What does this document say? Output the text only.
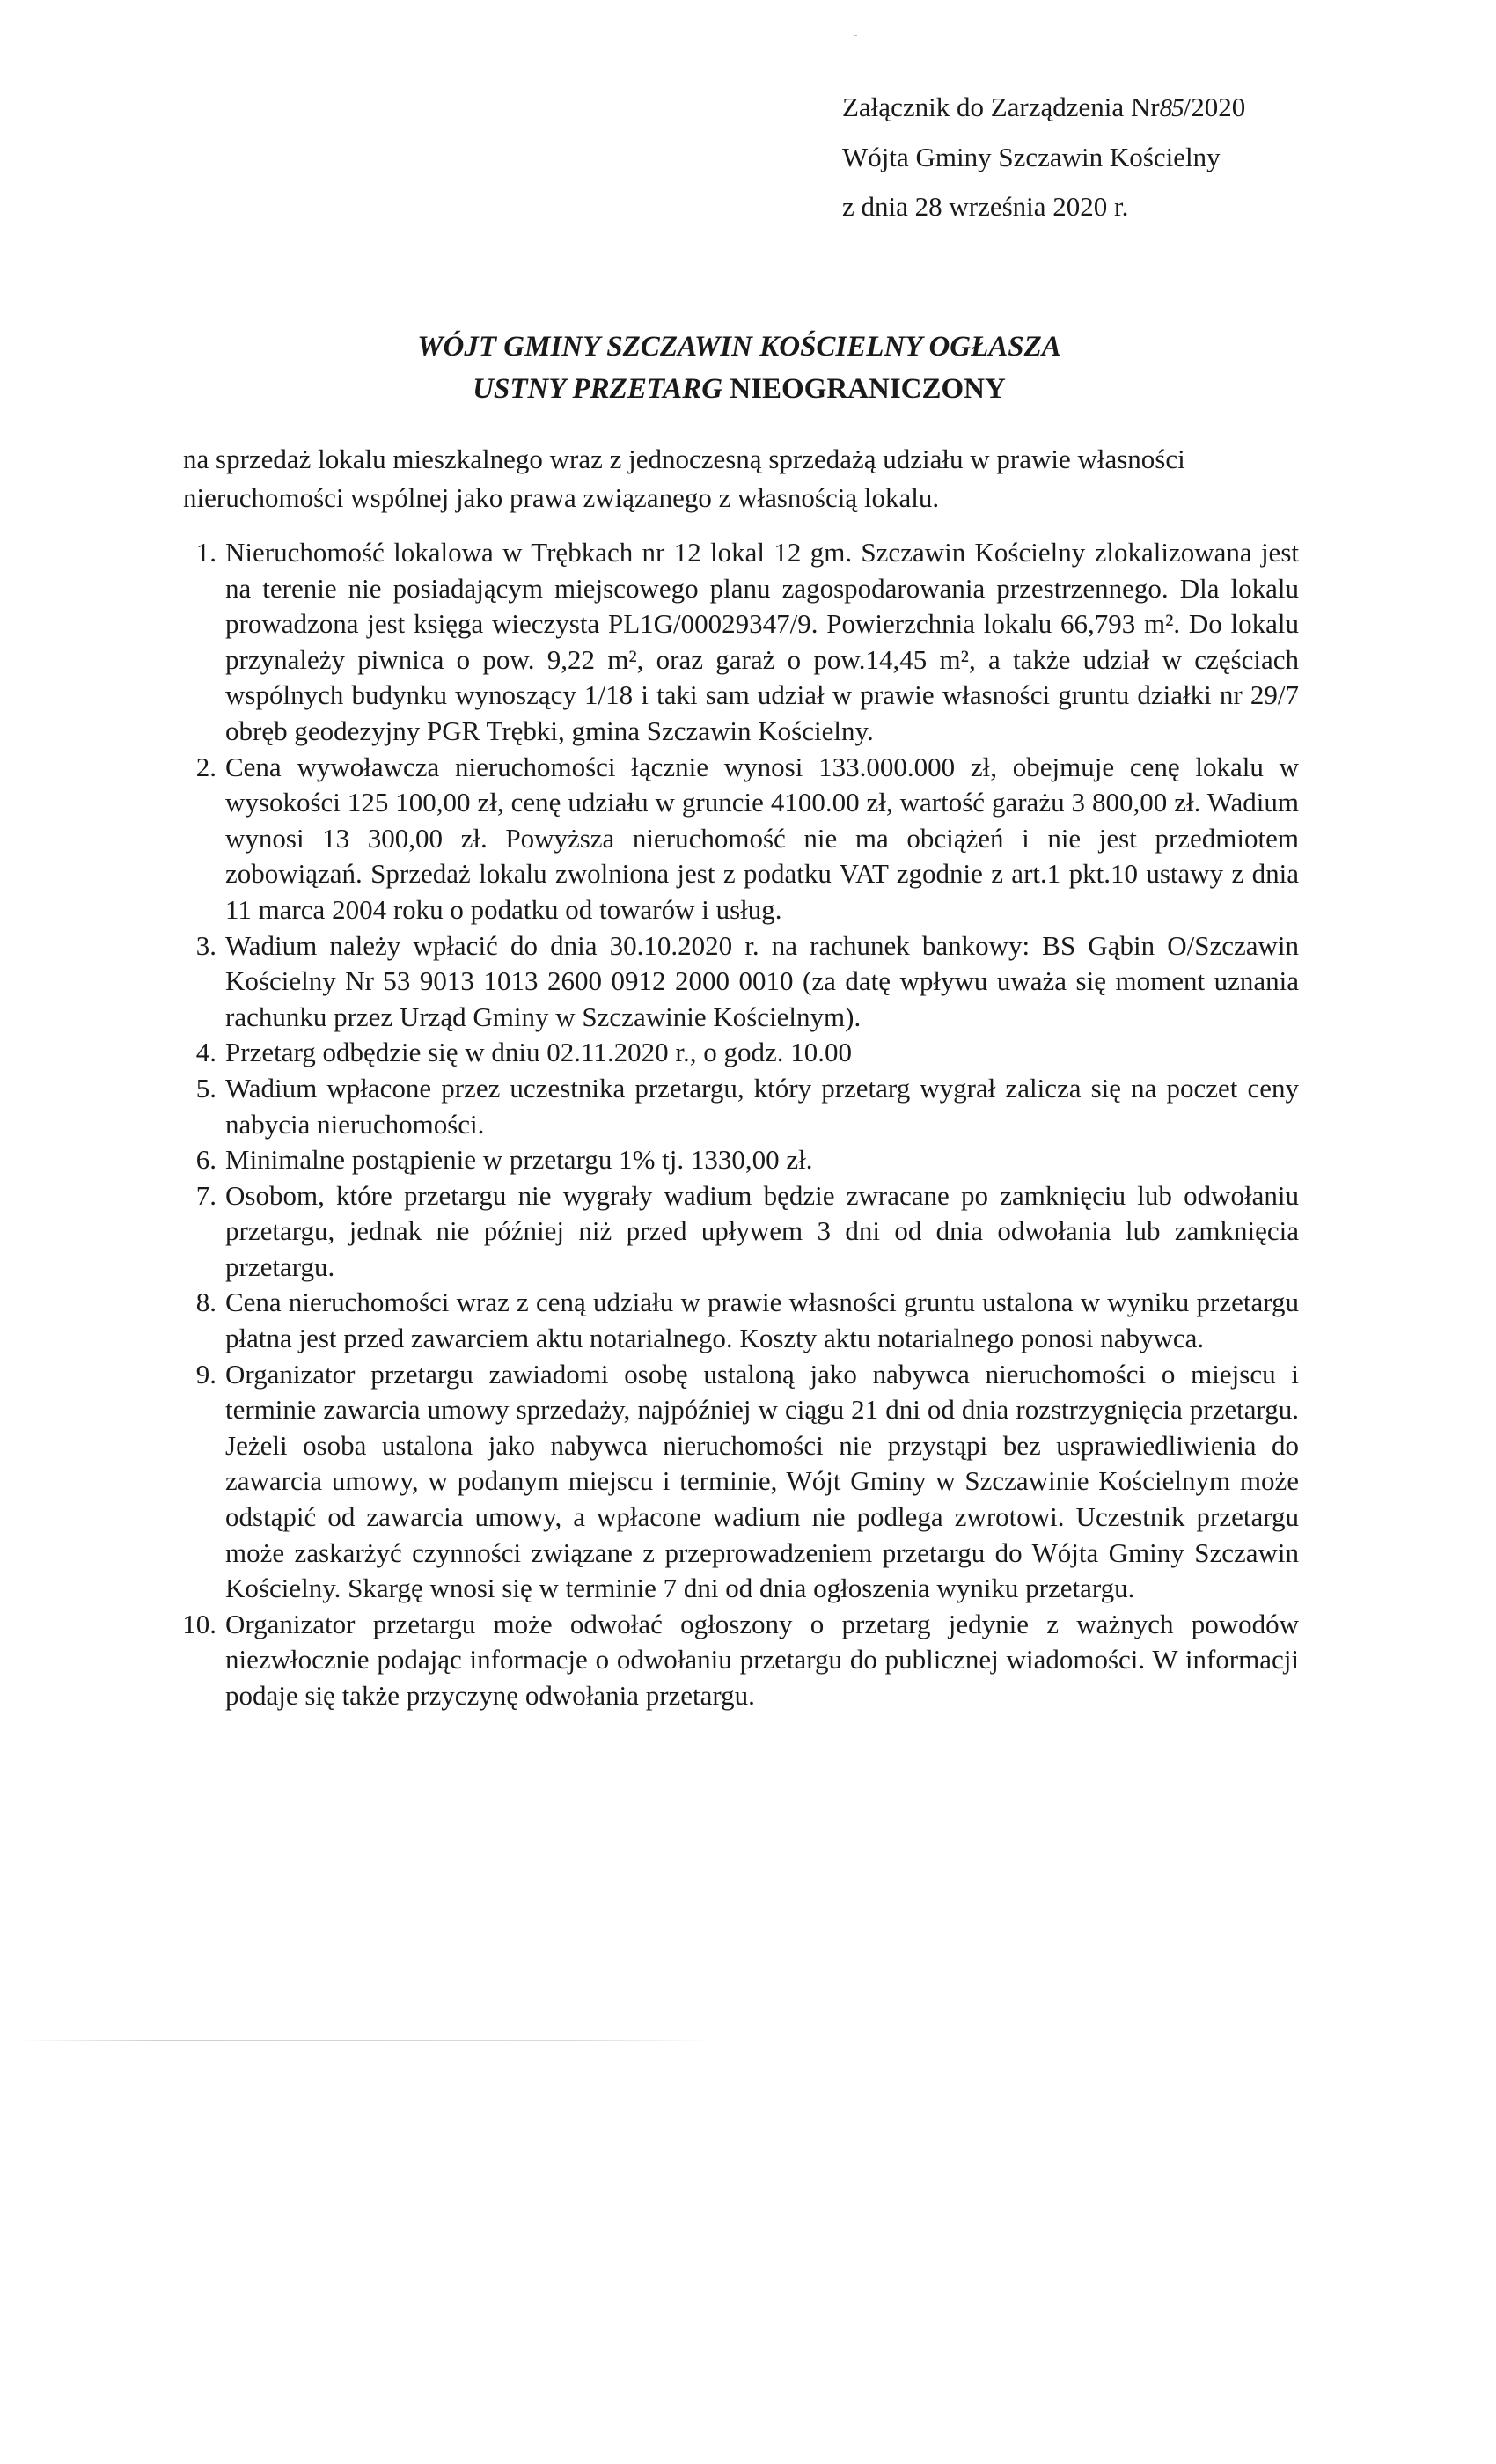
Załącznik do Zarządzenia Nr85/2020
Wójta Gminy Szczawin Kościelny
z dnia 28 września 2020 r.
WÓJT GMINY SZCZAWIN KOŚCIELNY OGŁASZA
USTNY PRZETARG NIEOGRANICZONY
na sprzedaż lokalu mieszkalnego wraz z jednoczesną sprzedażą udziału w prawie własności nieruchomości wspólnej jako prawa związanego z własnością lokalu.
1. Nieruchomość lokalowa w Trębkach nr 12 lokal 12 gm. Szczawin Kościelny zlokalizowana jest na terenie nie posiadającym miejscowego planu zagospodarowania przestrzennego. Dla lokalu prowadzona jest księga wieczysta PL1G/00029347/9. Powierzchnia lokalu 66,793 m². Do lokalu przynależy piwnica o pow. 9,22 m², oraz garaż o pow.14,45 m², a także udział w częściach wspólnych budynku wynoszący 1/18 i taki sam udział w prawie własności gruntu działki nr 29/7 obręb geodezyjny PGR Trębki, gmina Szczawin Kościelny.
2. Cena wywoławcza nieruchomości łącznie wynosi 133.000.000 zł, obejmuje cenę lokalu w wysokości 125 100,00 zł, cenę udziału w gruncie 4100.00 zł, wartość garażu 3 800,00 zł. Wadium wynosi 13 300,00 zł. Powyższa nieruchomość nie ma obciążeń i nie jest przedmiotem zobowiązań. Sprzedaż lokalu zwolniona jest z podatku VAT zgodnie z art.1 pkt.10 ustawy z dnia 11 marca 2004 roku o podatku od towarów i usług.
3. Wadium należy wpłacić do dnia 30.10.2020 r. na rachunek bankowy: BS Gąbin O/Szczawin Kościelny Nr 53 9013 1013 2600 0912 2000 0010 (za datę wpływu uważa się moment uznania rachunku przez Urząd Gminy w Szczawinie Kościelnym).
4. Przetarg odbędzie się w dniu 02.11.2020 r., o godz. 10.00
5. Wadium wpłacone przez uczestnika przetargu, który przetarg wygrał zalicza się na poczet ceny nabycia nieruchomości.
6. Minimalne postąpienie w przetargu 1% tj. 1330,00 zł.
7. Osobom, które przetargu nie wygrały wadium będzie zwracane po zamknięciu lub odwołaniu przetargu, jednak nie później niż przed upływem 3 dni od dnia odwołania lub zamknięcia przetargu.
8. Cena nieruchomości wraz z ceną udziału w prawie własności gruntu ustalona w wyniku przetargu płatna jest przed zawarciem aktu notarialnego. Koszty aktu notarialnego ponosi nabywca.
9. Organizator przetargu zawiadomi osobę ustaloną jako nabywca nieruchomości o miejscu i terminie zawarcia umowy sprzedaży, najpóźniej w ciągu 21 dni od dnia rozstrzygnięcia przetargu. Jeżeli osoba ustalona jako nabywca nieruchomości nie przystąpi bez usprawiedliwienia do zawarcia umowy, w podanym miejscu i terminie, Wójt Gminy w Szczawinie Kościelnym może odstąpić od zawarcia umowy, a wpłacone wadium nie podlega zwrotowi. Uczestnik przetargu może zaskarżyć czynności związane z przeprowadzeniem przetargu do Wójta Gminy Szczawin Kościelny. Skargę wnosi się w terminie 7 dni od dnia ogłoszenia wyniku przetargu.
10. Organizator przetargu może odwołać ogłoszony o przetarg jedynie z ważnych powodów niezwłocznie podając informacje o odwołaniu przetargu do publicznej wiadomości. W informacji podaje się także przyczynę odwołania przetargu.
